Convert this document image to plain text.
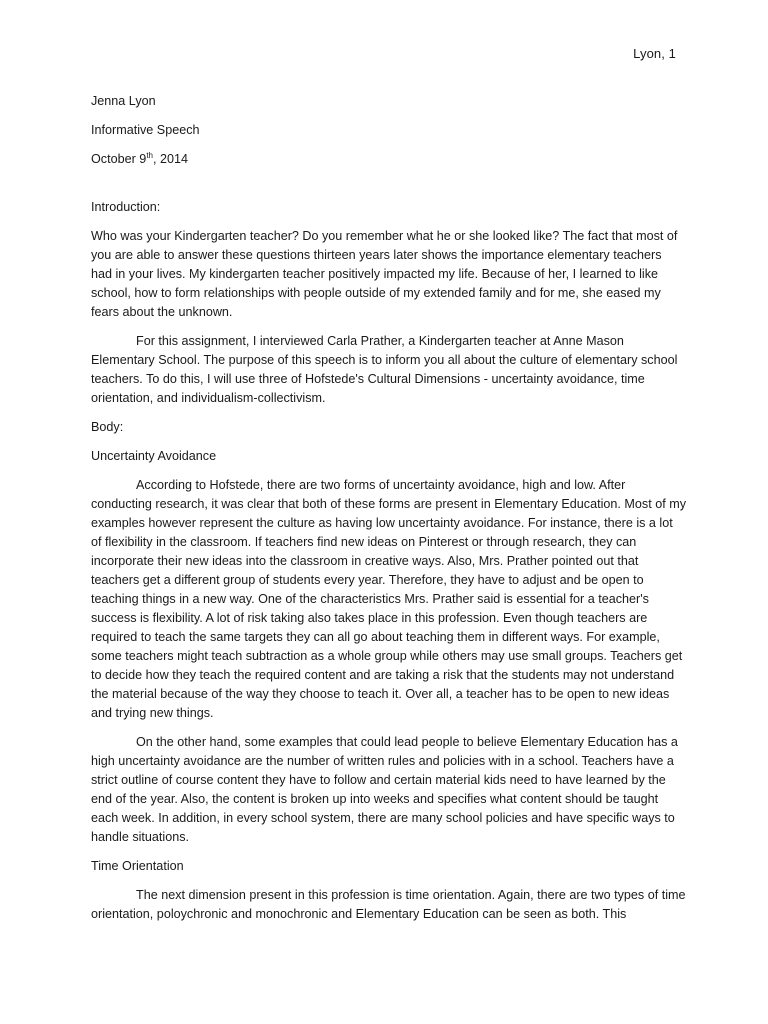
Lyon, 1
Jenna Lyon
Informative Speech
October 9th, 2014
Introduction:

Who was your Kindergarten teacher? Do you remember what he or she looked like? The fact that most of you are able to answer these questions thirteen years later shows the importance elementary teachers had in your lives. My kindergarten teacher positively impacted my life. Because of her, I learned to like school, how to form relationships with people outside of my extended family and for me, she eased my fears about the unknown.

For this assignment, I interviewed Carla Prather, a Kindergarten teacher at Anne Mason Elementary School. The purpose of this speech is to inform you all about the culture of elementary school teachers. To do this, I will use three of Hofstede's Cultural Dimensions - uncertainty avoidance, time orientation, and individualism-collectivism.

Body:
Uncertainty Avoidance

According to Hofstede, there are two forms of uncertainty avoidance, high and low. After conducting research, it was clear that both of these forms are present in Elementary Education. Most of my examples however represent the culture as having low uncertainty avoidance. For instance, there is a lot of flexibility in the classroom. If teachers find new ideas on Pinterest or through research, they can incorporate their new ideas into the classroom in creative ways. Also, Mrs. Prather pointed out that teachers get a different group of students every year. Therefore, they have to adjust and be open to teaching things in a new way. One of the characteristics Mrs. Prather said is essential for a teacher's success is flexibility. A lot of risk taking also takes place in this profession. Even though teachers are required to teach the same targets they can all go about teaching them in different ways. For example, some teachers might teach subtraction as a whole group while others may use small groups. Teachers get to decide how they teach the required content and are taking a risk that the students may not understand the material because of the way they choose to teach it. Over all, a teacher has to be open to new ideas and trying new things.

On the other hand, some examples that could lead people to believe Elementary Education has a high uncertainty avoidance are the number of written rules and policies with in a school. Teachers have a strict outline of course content they have to follow and certain material kids need to have learned by the end of the year. Also, the content is broken up into weeks and specifies what content should be taught each week. In addition, in every school system, there are many school policies and have specific ways to handle situations.

Time Orientation

The next dimension present in this profession is time orientation. Again, there are two types of time orientation, poloychronic and monochronic and Elementary Education can be seen as both. This
